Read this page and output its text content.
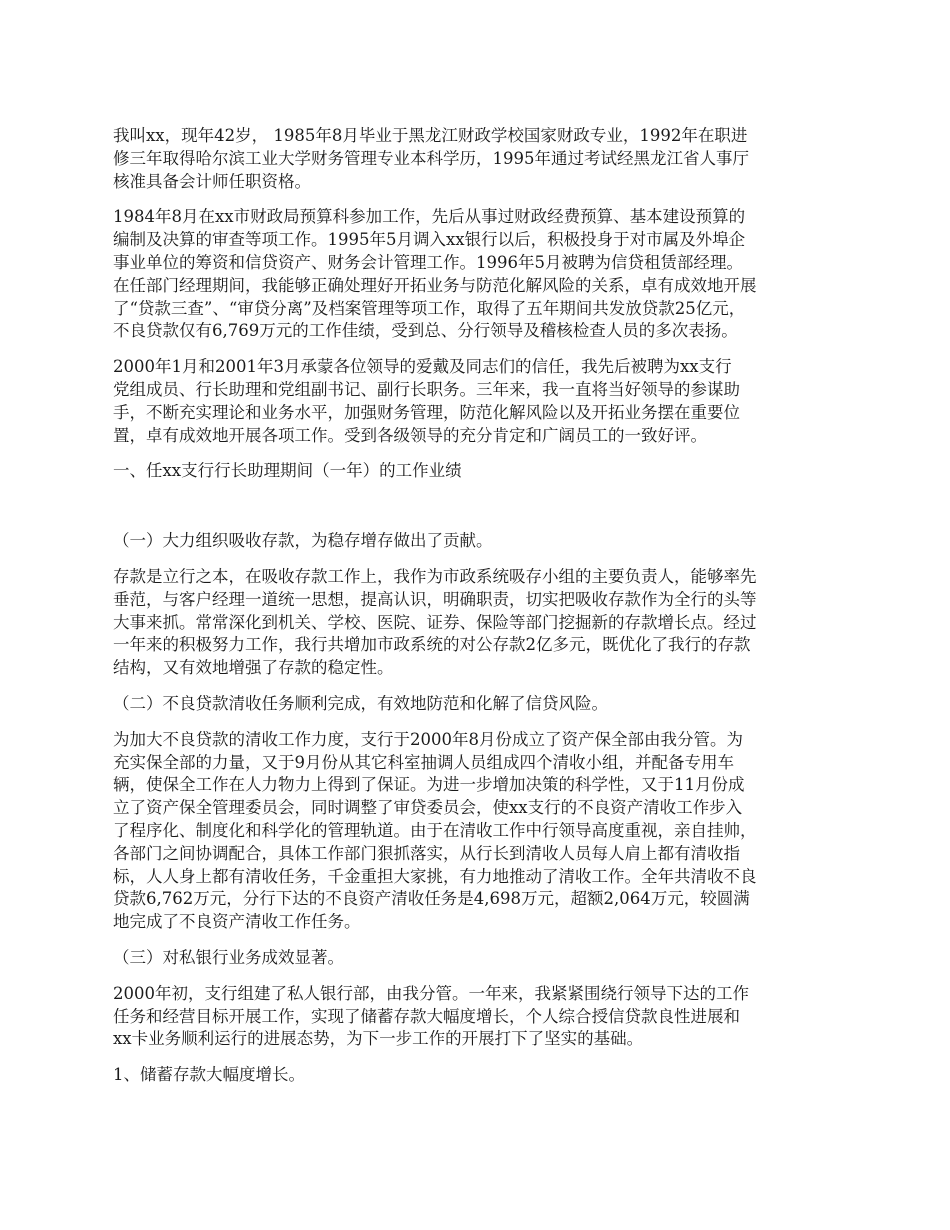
我叫xx，现年42岁， 1985年8月毕业于黑龙江财政学校国家财政专业，1992年在职进
修三年取得哈尔滨工业大学财务管理专业本科学历，1995年通过考试经黑龙江省人事厅
核准具备会计师任职资格。

1984年8月在xx市财政局预算科参加工作，先后从事过财政经费预算、基本建设预算的
编制及决算的审查等项工作。1995年5月调入xx银行以后，积极投身于对市属及外埠企
事业单位的筹资和信贷资产、财务会计管理工作。1996年5月被聘为信贷租赁部经理。
在任部门经理期间，我能够正确处理好开拓业务与防范化解风险的关系，卓有成效地开展
了“贷款三查”、“审贷分离”及档案管理等项工作，取得了五年期间共发放贷款25亿元，
不良贷款仅有6,769万元的工作佳绩，受到总、分行领导及稽核检查人员的多次表扬。

2000年1月和2001年3月承蒙各位领导的爱戴及同志们的信任，我先后被聘为xx支行
党组成员、行长助理和党组副书记、副行长职务。三年来，我一直将当好领导的参谋助
手，不断充实理论和业务水平，加强财务管理，防范化解风险以及开拓业务摆在重要位
置，卓有成效地开展各项工作。受到各级领导的充分肯定和广阔员工的一致好评。

一、任xx支行行长助理期间（一年）的工作业绩

（一）大力组织吸收存款，为稳存增存做出了贡献。

存款是立行之本，在吸收存款工作上，我作为市政系统吸存小组的主要负责人，能够率先
垂范，与客户经理一道统一思想，提高认识，明确职责，切实把吸收存款作为全行的头等
大事来抓。常常深化到机关、学校、医院、证券、保险等部门挖掘新的存款增长点。经过
一年来的积极努力工作，我行共增加市政系统的对公存款2亿多元，既优化了我行的存款
结构，又有效地增强了存款的稳定性。

（二）不良贷款清收任务顺利完成，有效地防范和化解了信贷风险。

为加大不良贷款的清收工作力度，支行于2000年8月份成立了资产保全部由我分管。为
充实保全部的力量，又于9月份从其它科室抽调人员组成四个清收小组，并配备专用车
辆，使保全工作在人力物力上得到了保证。为进一步增加决策的科学性，又于11月份成
立了资产保全管理委员会，同时调整了审贷委员会，使xx支行的不良资产清收工作步入
了程序化、制度化和科学化的管理轨道。由于在清收工作中行领导高度重视，亲自挂帅，
各部门之间协调配合，具体工作部门狠抓落实，从行长到清收人员每人肩上都有清收指
标，人人身上都有清收任务，千金重担大家挑，有力地推动了清收工作。全年共清收不良
贷款6,762万元，分行下达的不良资产清收任务是4,698万元，超额2,064万元，较圆满
地完成了不良资产清收工作任务。

（三）对私银行业务成效显著。

2000年初，支行组建了私人银行部，由我分管。一年来，我紧紧围绕行领导下达的工作
任务和经营目标开展工作，实现了储蓄存款大幅度增长，个人综合授信贷款良性进展和
xx卡业务顺利运行的进展态势，为下一步工作的开展打下了坚实的基础。

1、储蓄存款大幅度增长。
